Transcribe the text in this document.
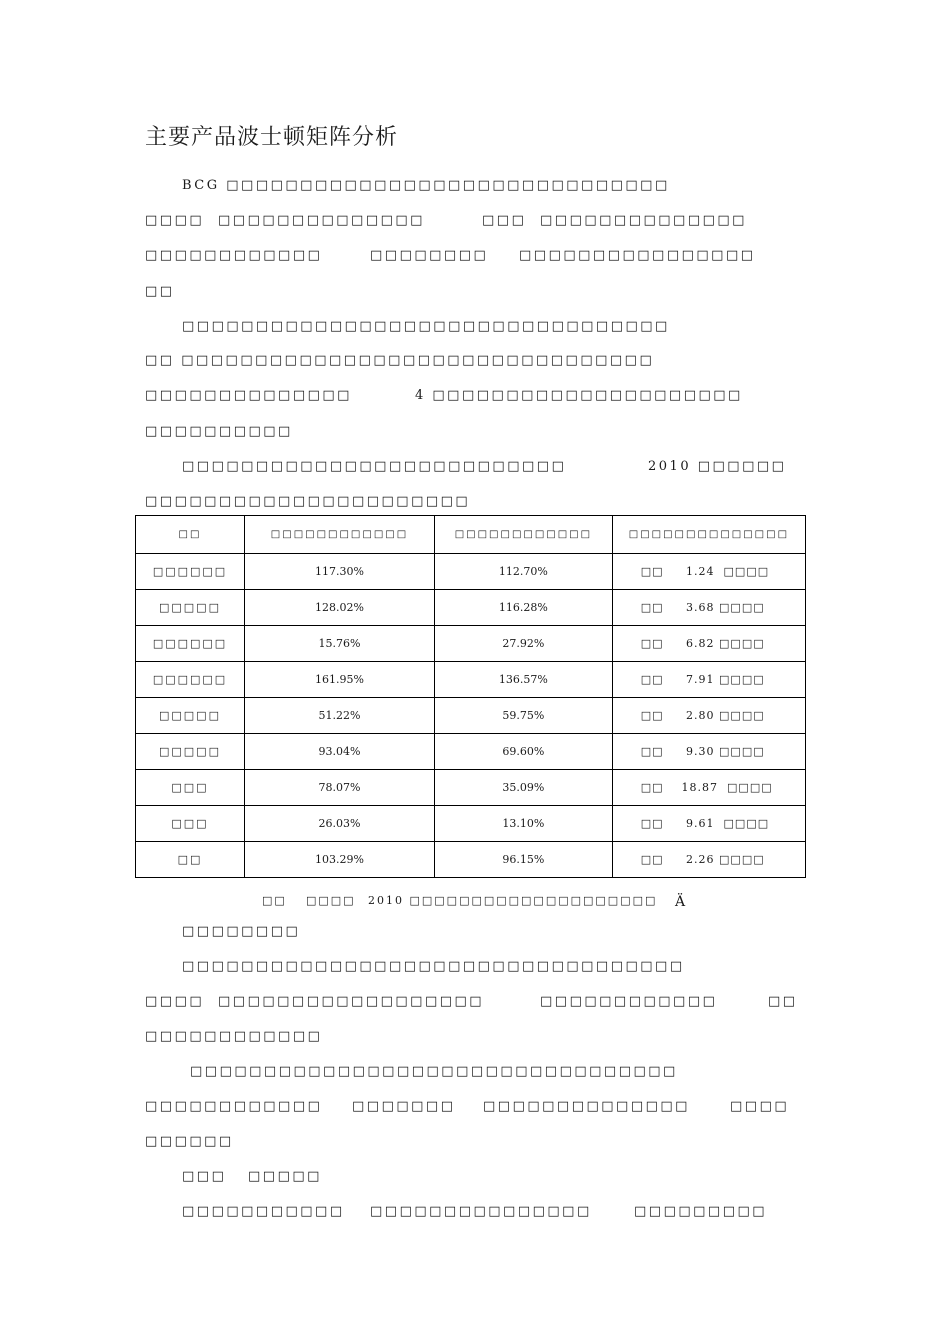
主要产品波士顿矩阵分析
BCG □□□□□□□□□□□□□□□□□□□□□□□□□□□□□□
□□□□ □□□□□□□□□□□□□□	□□□ □□□□□□□□□□□□□□
□□□□□□□□□□□□	□□□□□□□□ □□□□□□□□□□□□□□□□
□□
□□□□□□□□□□□□□□□□□□□□□□□□□□□□□□□□□
□□ □□□□□□□□□□□□□□□□□□□□□□□□□□□□□□□□
□□□□□□□□□□□□□□	4 □□□□□□□□□□□□□□□□□□□□□
□□□□□□□□□□
□□□□□□□□□□□□□□□□□□□□□□□□□□	2010 □□□□□□
□□□□□□□□□□□□□□□□□□□□□□
□□	□□□□□□□□□□□□	□□□□□□□□□□□□	□□□□□□□□□□□□□□
□□□□□□	117.30%	112.70%	□□     1.24  □□□□
□□□□□	128.02%	116.28%	□□     3.68 □□□□
□□□□□□	15.76%	27.92%	□□     6.82 □□□□
□□□□□□	161.95%	136.57%	□□     7.91 □□□□
□□□□□	51.22%	59.75%	□□     2.80 □□□□
□□□□□	93.04%	69.60%	□□     9.30 □□□□
□□□	78.07%	35.09%	□□    18.87  □□□□
□□□	26.03%	13.10%	□□     9.61  □□□□
□□	103.29%	96.15%	□□     2.26 □□□□
□□ □□□□ 2010 □□□□□□□□□□□□□□□□□□□□ Ä
□□□□□□□□
□□□□□□□□□□□□□□□□□□□□□□□□□□□□□□□□□□
□□□□ □□□□□□□□□□□□□□□□□□	□□□□□□□□□□□□	□□
□□□□□□□□□□□□
□□□□□□□□□□□□□□□□□□□□□□□□□□□□□□□□□
□□□□□□□□□□□□ □□□□□□□ □□□□□□□□□□□□□□	□□□□
□□□□□□
□□□ □□□□□
□□□□□□□□□□□ □□□□□□□□□□□□□□□	□□□□□□□□□
